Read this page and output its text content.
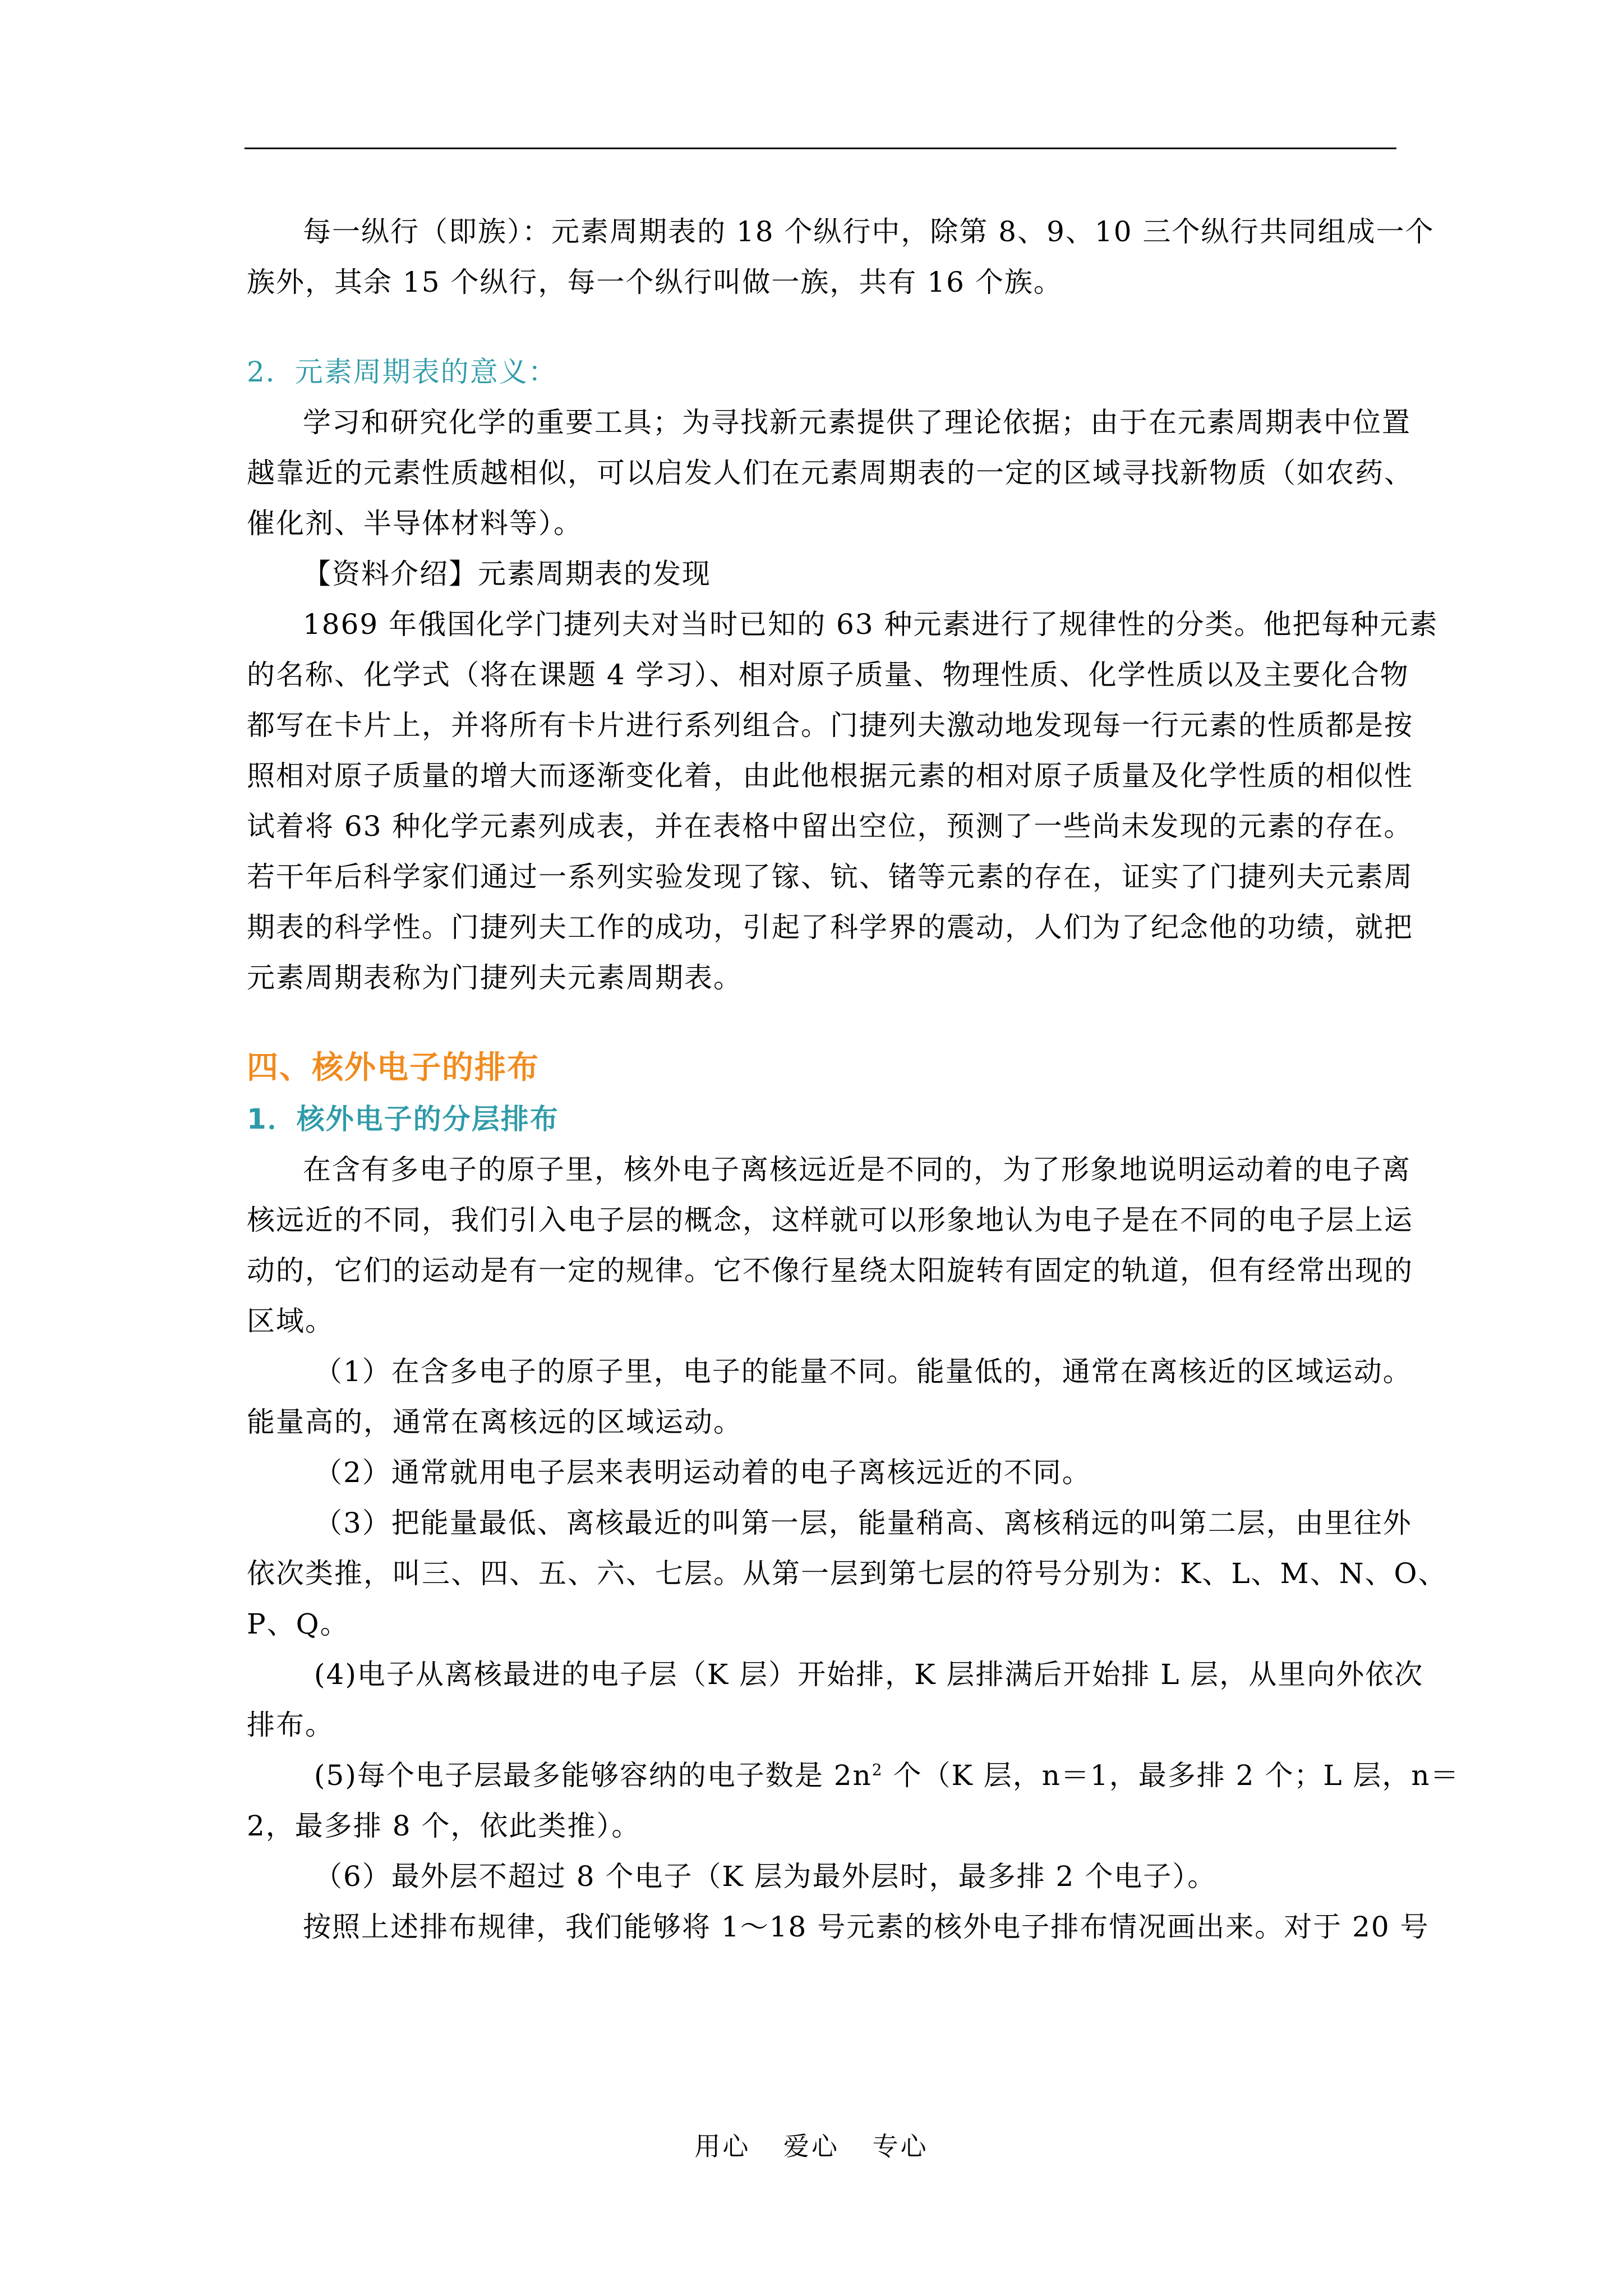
每一纵行（即族）：元素周期表的 18 个纵行中，除第 8、9、10 三个纵行共同组成一个
族外，其余 15 个纵行，每一个纵行叫做一族，共有 16 个族。
2．元素周期表的意义：
学习和研究化学的重要工具；为寻找新元素提供了理论依据；由于在元素周期表中位置
越靠近的元素性质越相似，可以启发人们在元素周期表的一定的区域寻找新物质（如农药、
催化剂、半导体材料等）。
【资料介绍】元素周期表的发现
1869 年俄国化学门捷列夫对当时已知的 63 种元素进行了规律性的分类。他把每种元素
的名称、化学式（将在课题 4 学习）、相对原子质量、物理性质、化学性质以及主要化合物
都写在卡片上，并将所有卡片进行系列组合。门捷列夫激动地发现每一行元素的性质都是按
照相对原子质量的增大而逐渐变化着，由此他根据元素的相对原子质量及化学性质的相似性
试着将 63 种化学元素列成表，并在表格中留出空位，预测了一些尚未发现的元素的存在。
若干年后科学家们通过一系列实验发现了镓、钪、锗等元素的存在，证实了门捷列夫元素周
期表的科学性。门捷列夫工作的成功，引起了科学界的震动，人们为了纪念他的功绩，就把
元素周期表称为门捷列夫元素周期表。
四、核外电子的排布
1．核外电子的分层排布
在含有多电子的原子里，核外电子离核远近是不同的，为了形象地说明运动着的电子离
核远近的不同，我们引入电子层的概念，这样就可以形象地认为电子是在不同的电子层上运
动的，它们的运动是有一定的规律。它不像行星绕太阳旋转有固定的轨道，但有经常出现的
区域。
（1）在含多电子的原子里，电子的能量不同。能量低的，通常在离核近的区域运动。
能量高的，通常在离核远的区域运动。
（2）通常就用电子层来表明运动着的电子离核远近的不同。
（3）把能量最低、离核最近的叫第一层，能量稍高、离核稍远的叫第二层，由里往外
依次类推，叫三、四、五、六、七层。从第一层到第七层的符号分别为：K、L、M、N、O、
P、Q。
(4)电子从离核最进的电子层（K 层）开始排，K 层排满后开始排 L 层，从里向外依次
排布。
(5)每个电子层最多能够容纳的电子数是 $2n^2$ 个（K 层，n＝1，最多排 2 个；L 层，n＝
2，最多排 8 个，依此类推）。
（6）最外层不超过 8 个电子（K 层为最外层时，最多排 2 个电子）。
按照上述排布规律，我们能够将 1～18 号元素的核外电子排布情况画出来。对于 20 号
用心 爱心 专心
